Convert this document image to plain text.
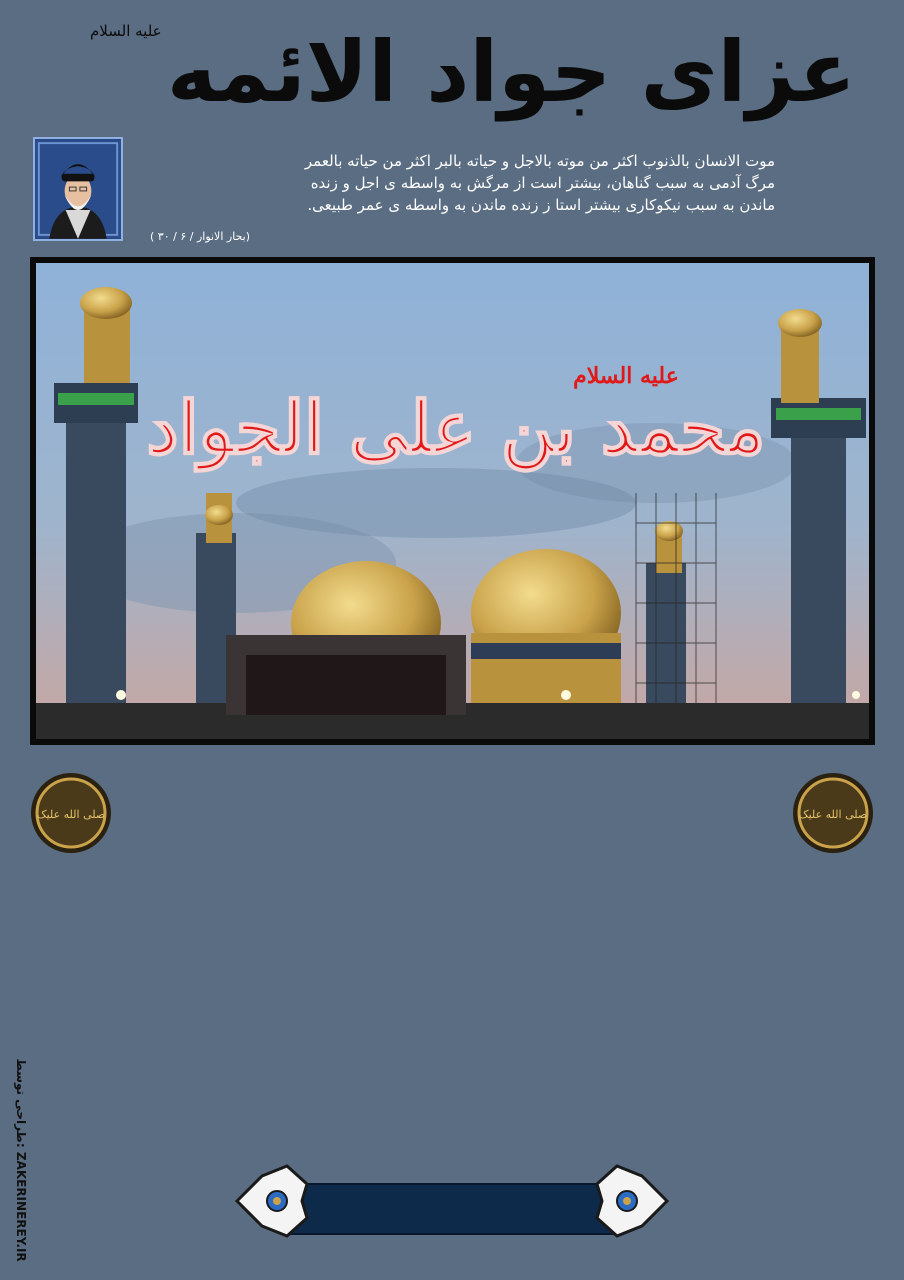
عزای جواد الائمه
علیه السلام

موت الانسان بالذنوب اکثر من موته بالاجل و حیاته بالبر اکثر من حیاته بالعمر

مرگ آدمی به سبب گناهان، بیشتر است از مرگش به واسطه ی اجل و زنده

ماندن به سبب نیکوکاری بیشتر استا ز زنده ماندن به واسطه ی عمر طبیعی.

(بحار الانوار / ۶ / ۳۰ )
محمد بن علی الجواد
علیه السلام
صلی الله علیک	صلی الله علیک
طراحی توسط: ZAKERINEREY.IR
